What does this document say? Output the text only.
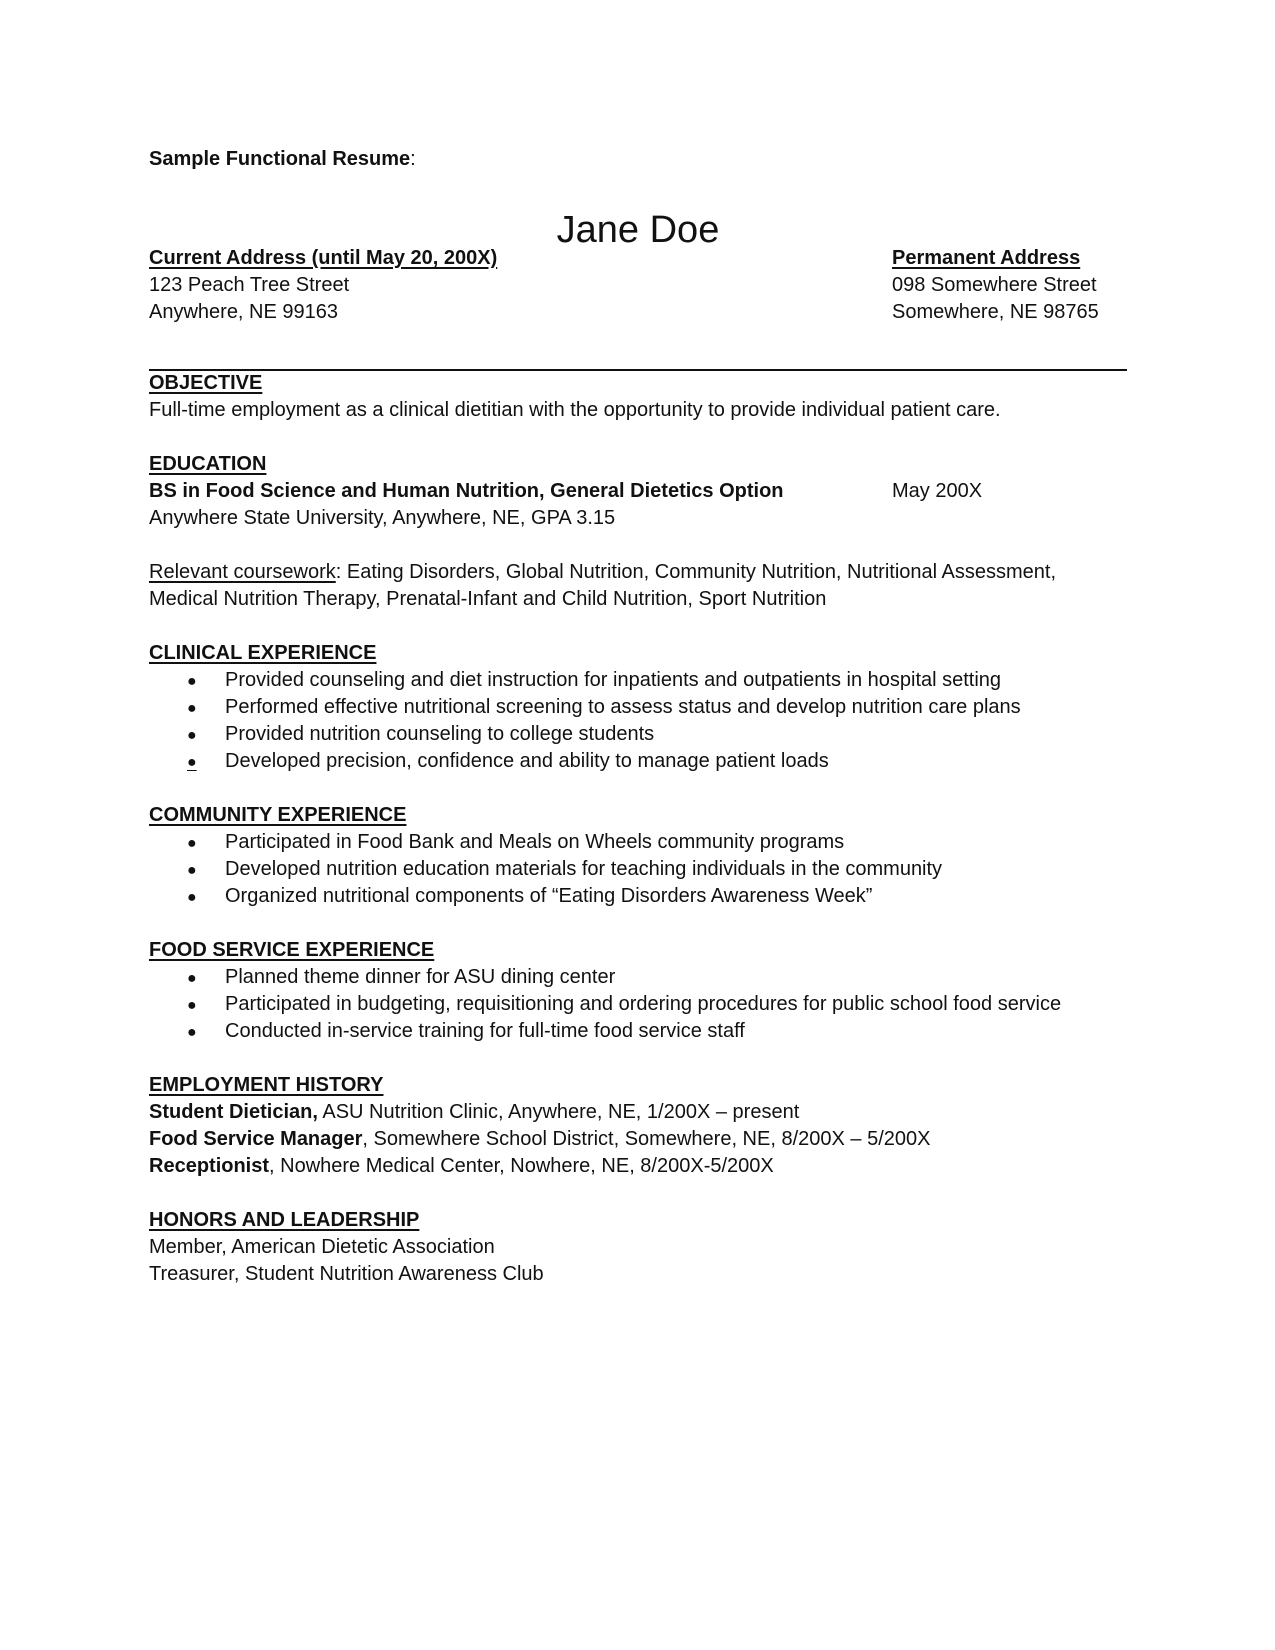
Sample Functional Resume:
Jane Doe
Current Address (until May 20, 200X)
123 Peach Tree Street
Anywhere, NE 99163
Permanent Address
098 Somewhere Street
Somewhere, NE 98765
OBJECTIVE
Full-time employment as a clinical dietitian with the opportunity to provide individual patient care.
EDUCATION
BS in Food Science and Human Nutrition, General Dietetics Option	May 200X
Anywhere State University, Anywhere, NE, GPA 3.15
Relevant coursework: Eating Disorders, Global Nutrition, Community Nutrition, Nutritional Assessment,
Medical Nutrition Therapy, Prenatal-Infant and Child Nutrition, Sport Nutrition
CLINICAL EXPERIENCE
● Provided counseling and diet instruction for inpatients and outpatients in hospital setting
● Performed effective nutritional screening to assess status and develop nutrition care plans
● Provided nutrition counseling to college students
● Developed precision, confidence and ability to manage patient loads
COMMUNITY EXPERIENCE
● Participated in Food Bank and Meals on Wheels community programs
● Developed nutrition education materials for teaching individuals in the community
● Organized nutritional components of “Eating Disorders Awareness Week”
FOOD SERVICE EXPERIENCE
● Planned theme dinner for ASU dining center
● Participated in budgeting, requisitioning and ordering procedures for public school food service
● Conducted in-service training for full-time food service staff
EMPLOYMENT HISTORY
Student Dietician, ASU Nutrition Clinic, Anywhere, NE, 1/200X – present
Food Service Manager, Somewhere School District, Somewhere, NE, 8/200X – 5/200X
Receptionist, Nowhere Medical Center, Nowhere, NE, 8/200X-5/200X
HONORS AND LEADERSHIP
Member, American Dietetic Association
Treasurer, Student Nutrition Awareness Club
